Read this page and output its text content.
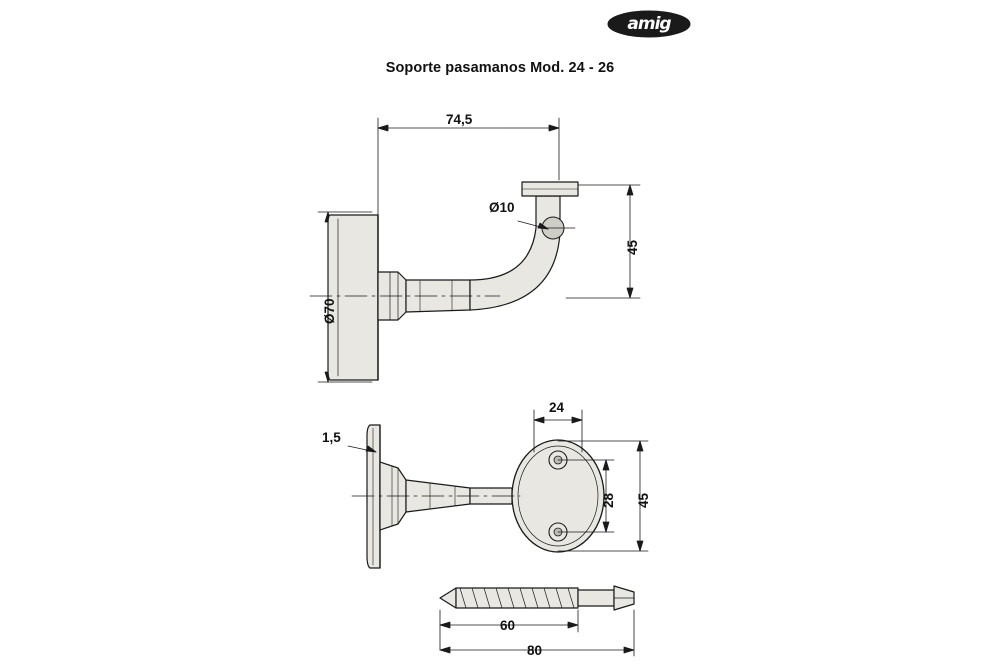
amig
Soporte pasamanos Mod. 24 - 26
74,5
Ø70
Ø10
45
1,5
24
28 45
60
80
